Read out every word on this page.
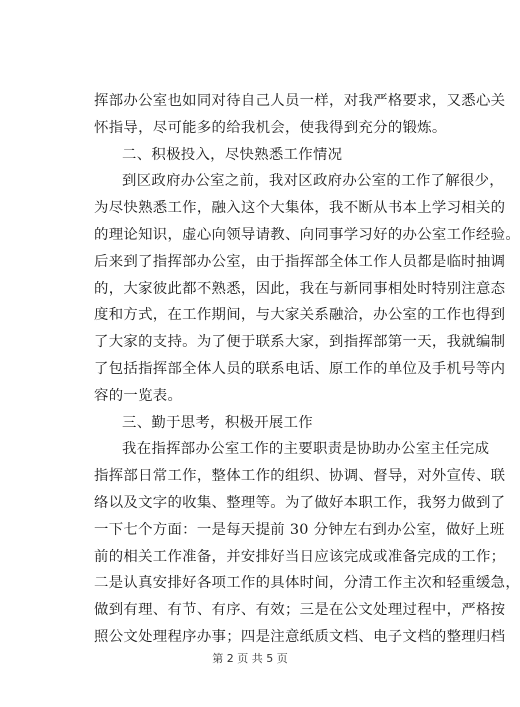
挥部办公室也如同对待自己人员一样，对我严格要求，又悉心关
怀指导，尽可能多的给我机会，使我得到充分的锻炼。
二、积极投入，尽快熟悉工作情况
到区政府办公室之前，我对区政府办公室的工作了解很少，
为尽快熟悉工作，融入这个大集体，我不断从书本上学习相关的
的理论知识，虚心向领导请教、向同事学习好的办公室工作经验。
后来到了指挥部办公室，由于指挥部全体工作人员都是临时抽调
的，大家彼此都不熟悉，因此，我在与新同事相处时特别注意态
度和方式，在工作期间，与大家关系融洽，办公室的工作也得到
了大家的支持。为了便于联系大家，到指挥部第一天，我就编制
了包括指挥部全体人员的联系电话、原工作的单位及手机号等内
容的一览表。
三、勤于思考，积极开展工作
我在指挥部办公室工作的主要职责是协助办公室主任完成
指挥部日常工作，整体工作的组织、协调、督导，对外宣传、联
络以及文字的收集、整理等。为了做好本职工作，我努力做到了
一下七个方面：一是每天提前 30 分钟左右到办公室，做好上班
前的相关工作准备，并安排好当日应该完成或准备完成的工作；
二是认真安排好各项工作的具体时间，分清工作主次和轻重缓急，
做到有理、有节、有序、有效；三是在公文处理过程中，严格按
照公文处理程序办事；四是注意纸质文档、电子文档的整理归档
第 2 页 共 5 页
